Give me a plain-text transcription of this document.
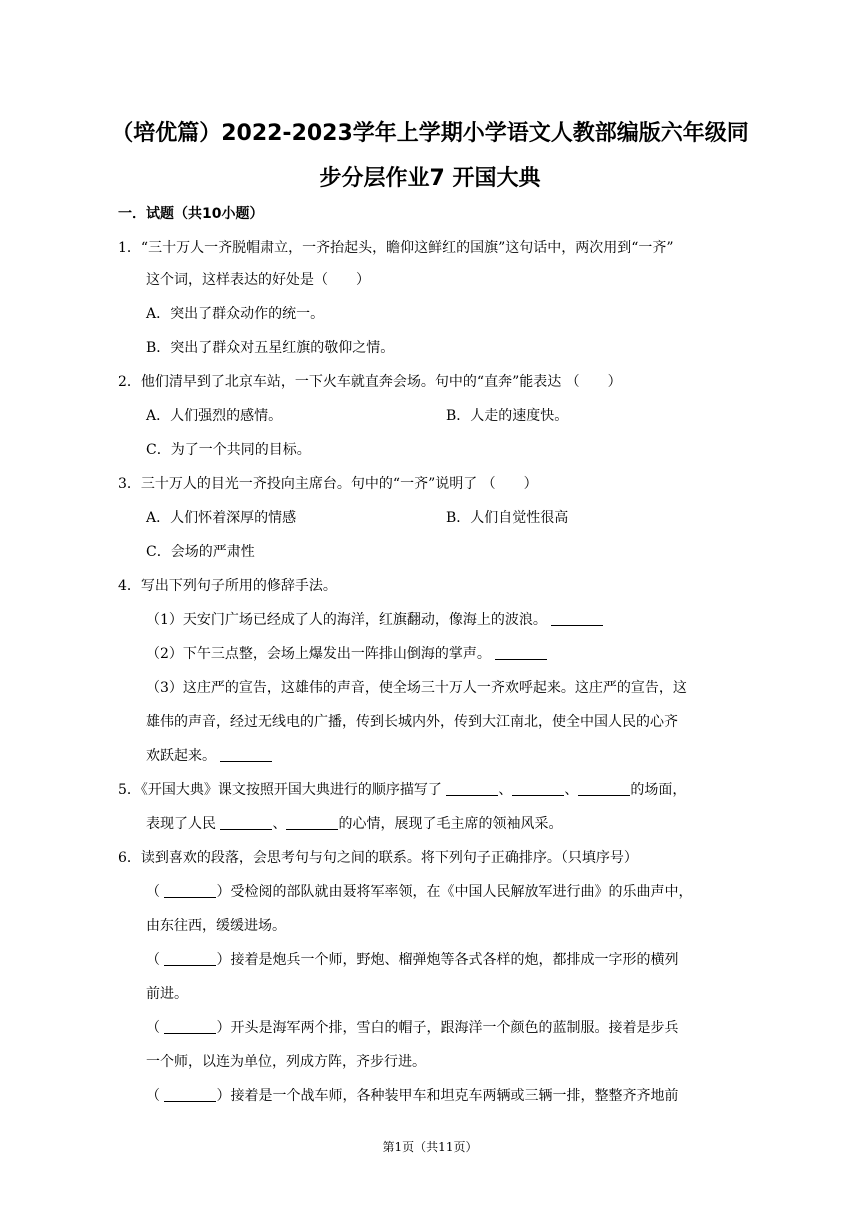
（培优篇）2022-2023学年上学期小学语文人教部编版六年级同
步分层作业7 开国大典
一．试题（共10小题）
1．“三十万人一齐脱帽肃立，一齐抬起头，瞻仰这鲜红的国旗”这句话中，两次用到“一齐”
这个词，这样表达的好处是（　　）
A．突出了群众动作的统一。
B．突出了群众对五星红旗的敬仰之情。
2．他们清早到了北京车站，一下火车就直奔会场。句中的“直奔”能表达 （　　）
A．人们强烈的感情。	B．人走的速度快。
C．为了一个共同的目标。
3．三十万人的目光一齐投向主席台。句中的“一齐”说明了 （　　）
A．人们怀着深厚的情感	B．人们自觉性很高
C．会场的严肃性
4．写出下列句子所用的修辞手法。
（1）天安门广场已经成了人的海洋，红旗翻动，像海上的波浪。
（2）下午三点整，会场上爆发出一阵排山倒海的掌声。
（3）这庄严的宣告，这雄伟的声音，使全场三十万人一齐欢呼起来。这庄严的宣告，这
雄伟的声音，经过无线电的广播，传到长城内外，传到大江南北，使全中国人民的心齐
欢跃起来。
5．《开国大典》课文按照开国大典进行的顺序描写了	、	、	的场面，
表现了人民	、	的心情，展现了毛主席的领袖风采。
6．读到喜欢的段落，会思考句与句之间的联系。将下列句子正确排序。（只填序号）
（	）受检阅的部队就由聂将军率领，在《中国人民解放军进行曲》的乐曲声中，
由东往西，缓缓进场。
（	）接着是炮兵一个师，野炮、榴弹炮等各式各样的炮，都排成一字形的横列
前进。
（	）开头是海军两个排，雪白的帽子，跟海洋一个颜色的蓝制服。接着是步兵
一个师，以连为单位，列成方阵，齐步行进。
（	）接着是一个战车师，各种装甲车和坦克车两辆或三辆一排，整整齐齐地前
第1页（共11页）
